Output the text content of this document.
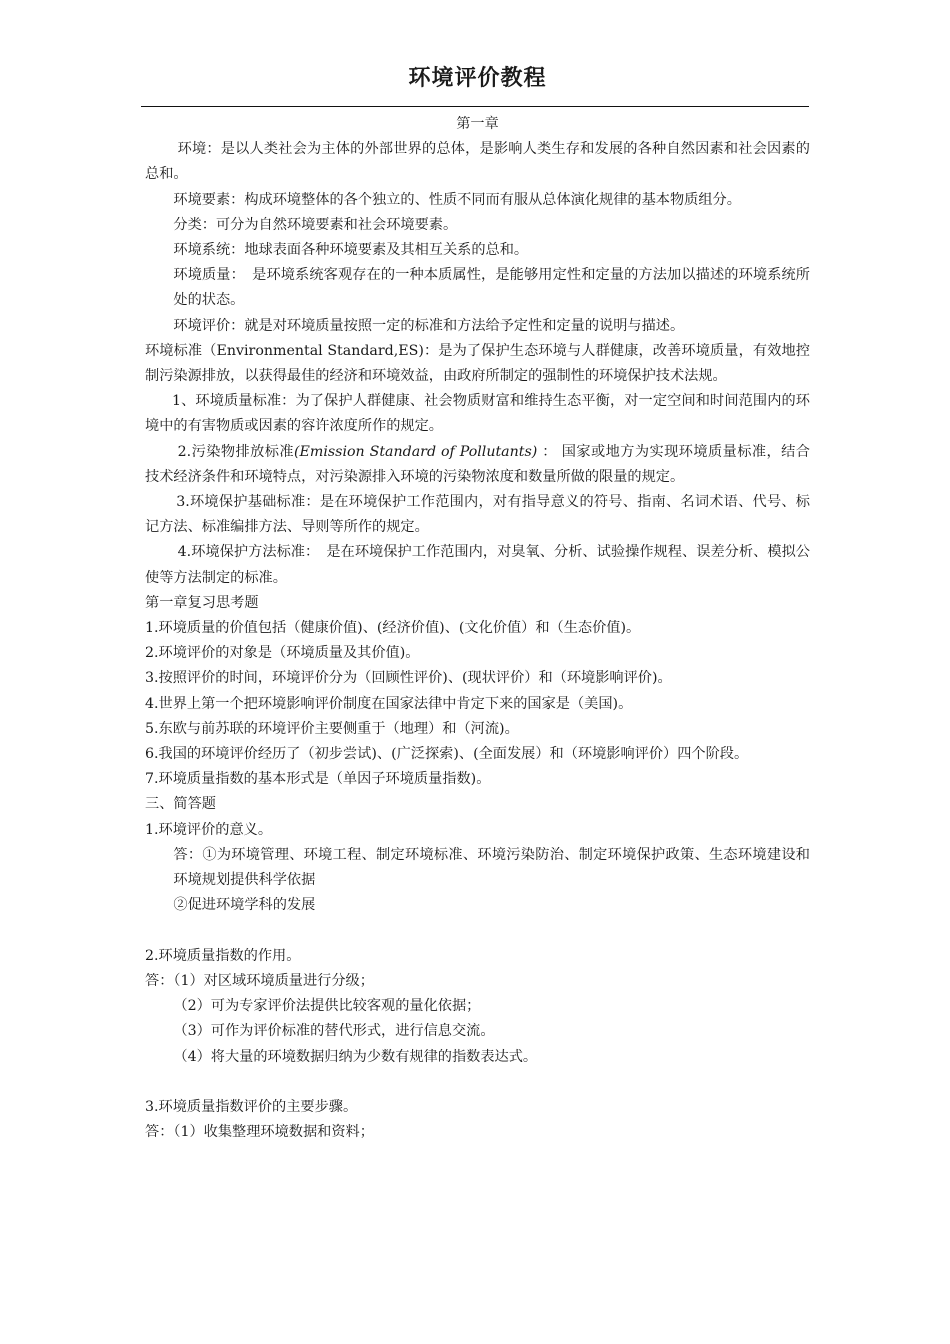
环境评价教程

第一章

环境：是以人类社会为主体的外部世界的总体，是影响人类生存和发展的各种自然因素和社会因素的总和。

环境要素：构成环境整体的各个独立的、性质不同而有服从总体演化规律的基本物质组分。

分类：可分为自然环境要素和社会环境要素。

环境系统：地球表面各种环境要素及其相互关系的总和。

环境质量：　是环境系统客观存在的一种本质属性，是能够用定性和定量的方法加以描述的环境系统所处的状态。

环境评价：就是对环境质量按照一定的标准和方法给予定性和定量的说明与描述。

环境标准（Environmental Standard,ES)：是为了保护生态环境与人群健康，改善环境质量，有效地控制污染源排放，以获得最佳的经济和环境效益，由政府所制定的强制性的环境保护技术法规。

1、环境质量标准：为了保护人群健康、社会物质财富和维持生态平衡，对一定空间和时间范围内的环境中的有害物质或因素的容许浓度所作的规定。

2.污染物排放标准(Emission Standard of Pollutants) ： 国家或地方为实现环境质量标准，结合技术经济条件和环境特点，对污染源排入环境的污染物浓度和数量所做的限量的规定。

3.环境保护基础标准：是在环境保护工作范围内，对有指导意义的符号、指南、名词术语、代号、标记方法、标准编排方法、导则等所作的规定。

4.环境保护方法标准：　是在环境保护工作范围内，对臭氧、分析、试验操作规程、误差分析、模拟公使等方法制定的标准。

第一章复习思考题

1.环境质量的价值包括（健康价值)、(经济价值)、(文化价值）和（生态价值)。

2.环境评价的对象是（环境质量及其价值)。

3.按照评价的时间，环境评价分为（回顾性评价)、(现状评价）和（环境影响评价)。

4.世界上第一个把环境影响评价制度在国家法律中肯定下来的国家是（美国)。

5.东欧与前苏联的环境评价主要侧重于（地理）和（河流)。

6.我国的环境评价经历了（初步尝试)、(广泛探索)、(全面发展）和（环境影响评价）四个阶段。

7.环境质量指数的基本形式是（单因子环境质量指数)。

三、简答题

1.环境评价的意义。

答：①为环境管理、环境工程、制定环境标准、环境污染防治、制定环境保护政策、生态环境建设和环境规划提供科学依据

②促进环境学科的发展

2.环境质量指数的作用。

答：（1）对区域环境质量进行分级；

（2）可为专家评价法提供比较客观的量化依据；

（3）可作为评价标准的替代形式，进行信息交流。

（4）将大量的环境数据归纳为少数有规律的指数表达式。

3.环境质量指数评价的主要步骤。

答：（1）收集整理环境数据和资料；
